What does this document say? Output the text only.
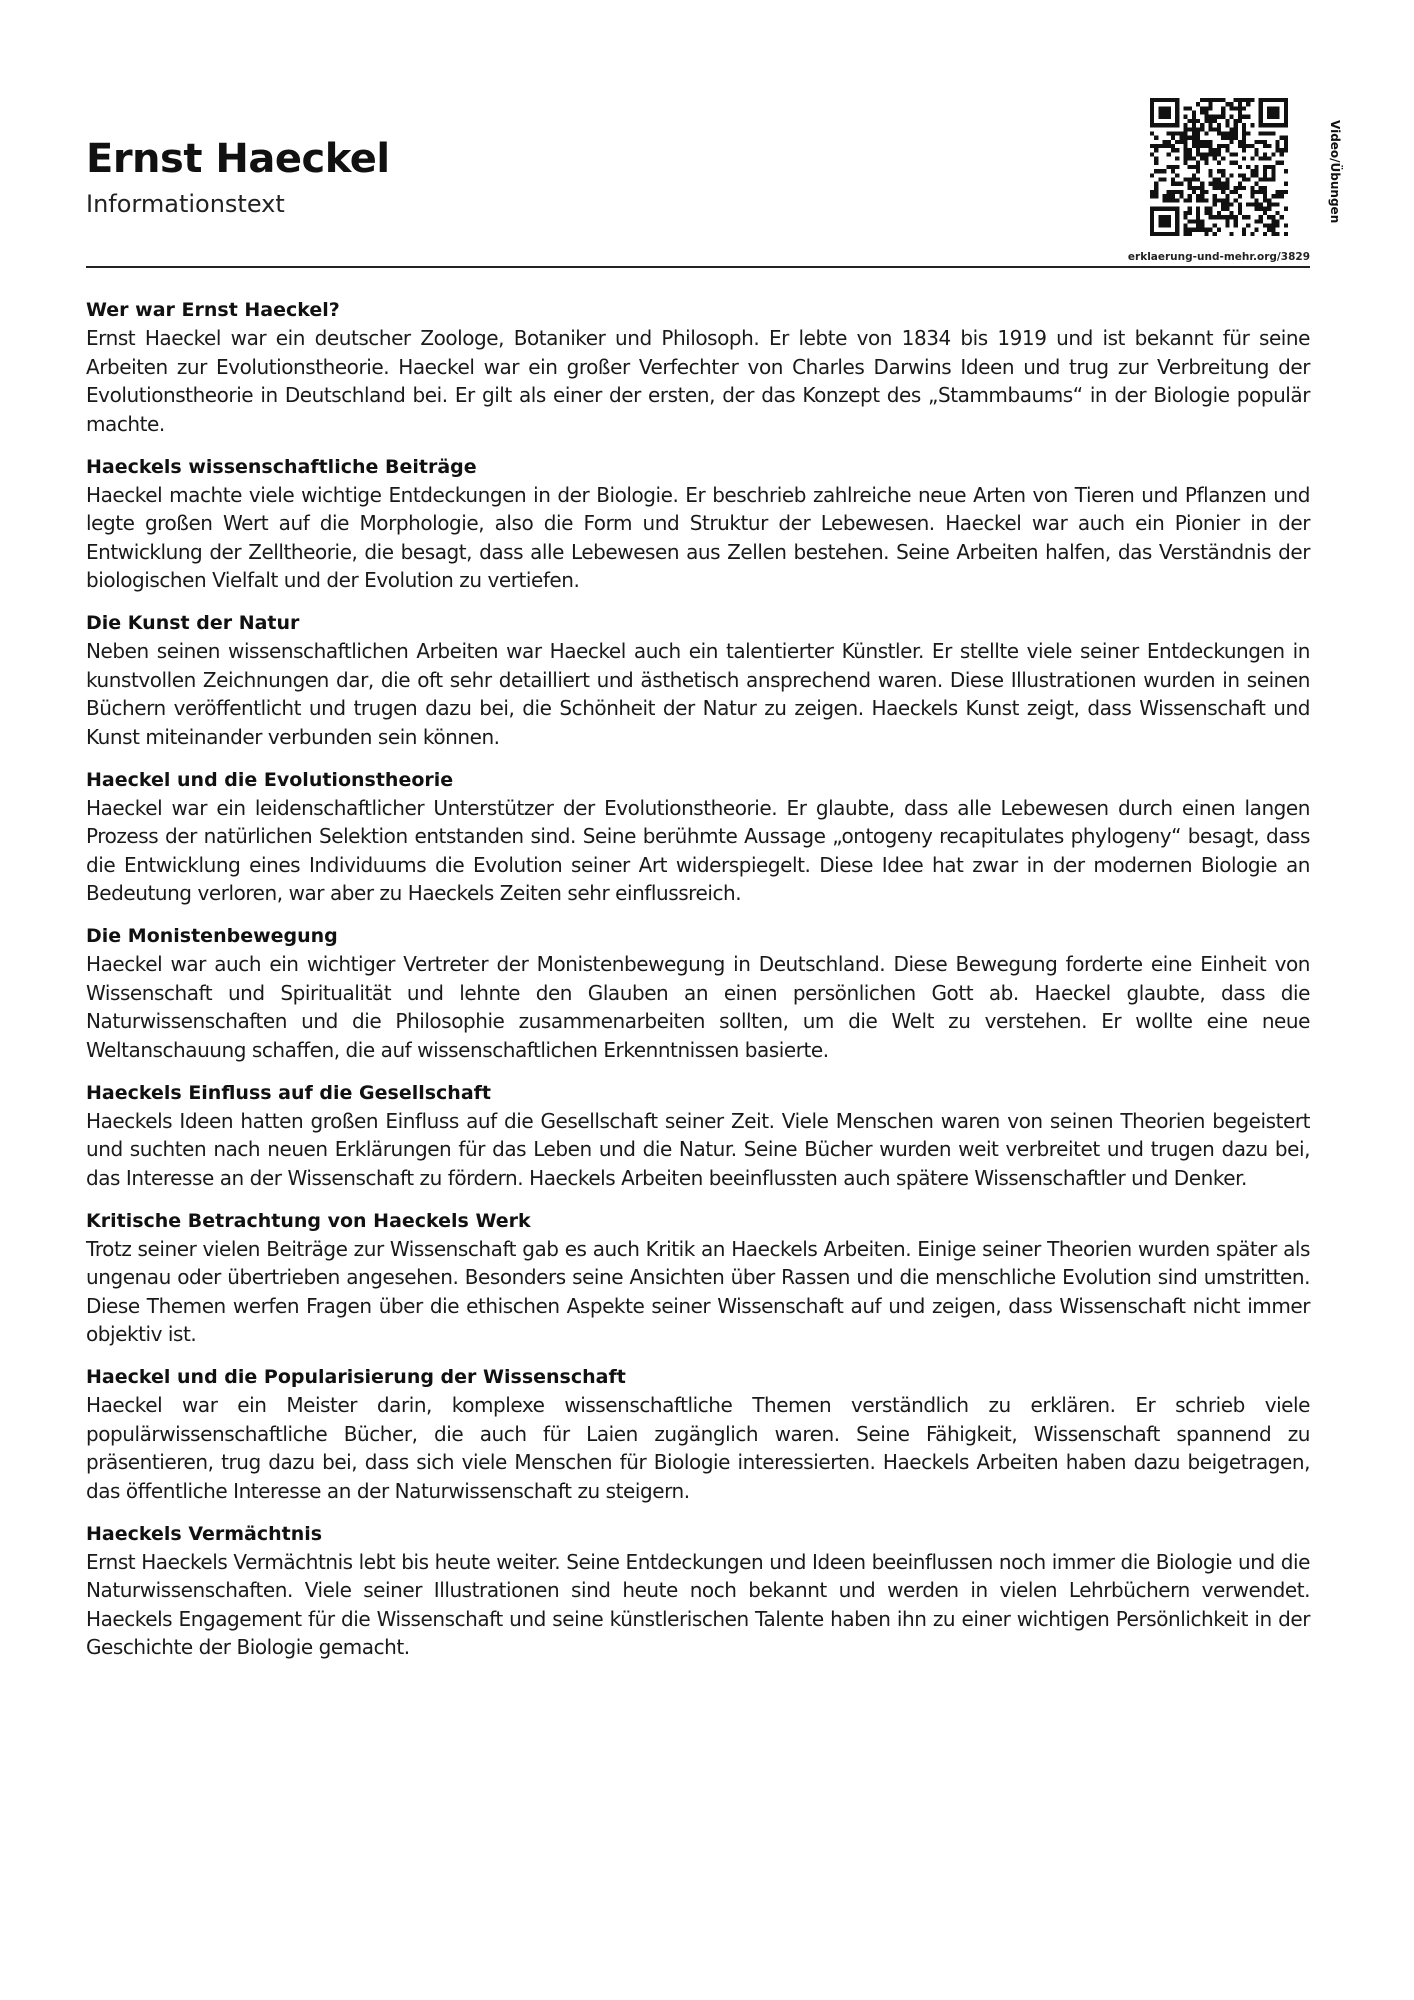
Ernst Haeckel
Informationstext	Video/Übungen
erklaerung-und-mehr.org/3829
Wer war Ernst Haeckel?

Ernst Haeckel war ein deutscher Zoologe, Botaniker und Philosoph. Er lebte von 1834 bis 1919 und ist bekannt für seine Arbeiten zur Evolutionstheorie. Haeckel war ein großer Verfechter von Charles Darwins Ideen und trug zur Verbreitung der Evolutionstheorie in Deutschland bei. Er gilt als einer der ersten, der das Konzept des „Stammbaums“ in der Biologie populär machte.

Haeckels wissenschaftliche Beiträge

Haeckel machte viele wichtige Entdeckungen in der Biologie. Er beschrieb zahlreiche neue Arten von Tieren und Pflanzen und legte großen Wert auf die Morphologie, also die Form und Struktur der Lebewesen. Haeckel war auch ein Pionier in der Entwicklung der Zelltheorie, die besagt, dass alle Lebewesen aus Zellen bestehen. Seine Arbeiten halfen, das Verständnis der biologischen Vielfalt und der Evolution zu vertiefen.

Die Kunst der Natur

Neben seinen wissenschaftlichen Arbeiten war Haeckel auch ein talentierter Künstler. Er stellte viele seiner Entdeckungen in kunstvollen Zeichnungen dar, die oft sehr detailliert und ästhetisch ansprechend waren. Diese Illustrationen wurden in seinen Büchern veröffentlicht und trugen dazu bei, die Schönheit der Natur zu zeigen. Haeckels Kunst zeigt, dass Wissenschaft und Kunst miteinander verbunden sein können.

Haeckel und die Evolutionstheorie

Haeckel war ein leidenschaftlicher Unterstützer der Evolutionstheorie. Er glaubte, dass alle Lebewesen durch einen langen Prozess der natürlichen Selektion entstanden sind. Seine berühmte Aussage „ontogeny recapitulates phylogeny“ besagt, dass die Entwicklung eines Individuums die Evolution seiner Art widerspiegelt. Diese Idee hat zwar in der modernen Biologie an Bedeutung verloren, war aber zu Haeckels Zeiten sehr einflussreich.

Die Monistenbewegung

Haeckel war auch ein wichtiger Vertreter der Monistenbewegung in Deutschland. Diese Bewegung forderte eine Einheit von Wissenschaft und Spiritualität und lehnte den Glauben an einen persönlichen Gott ab. Haeckel glaubte, dass die Naturwissenschaften und die Philosophie zusammenarbeiten sollten, um die Welt zu verstehen. Er wollte eine neue Weltanschauung schaffen, die auf wissenschaftlichen Erkenntnissen basierte.

Haeckels Einfluss auf die Gesellschaft

Haeckels Ideen hatten großen Einfluss auf die Gesellschaft seiner Zeit. Viele Menschen waren von seinen Theorien begeistert und suchten nach neuen Erklärungen für das Leben und die Natur. Seine Bücher wurden weit verbreitet und trugen dazu bei, das Interesse an der Wissenschaft zu fördern. Haeckels Arbeiten beeinflussten auch spätere Wissenschaftler und Denker.

Kritische Betrachtung von Haeckels Werk

Trotz seiner vielen Beiträge zur Wissenschaft gab es auch Kritik an Haeckels Arbeiten. Einige seiner Theorien wurden später als ungenau oder übertrieben angesehen. Besonders seine Ansichten über Rassen und die menschliche Evolution sind umstritten. Diese Themen werfen Fragen über die ethischen Aspekte seiner Wissenschaft auf und zeigen, dass Wissenschaft nicht immer objektiv ist.

Haeckel und die Popularisierung der Wissenschaft

Haeckel war ein Meister darin, komplexe wissenschaftliche Themen verständlich zu erklären. Er schrieb viele populärwissenschaftliche Bücher, die auch für Laien zugänglich waren. Seine Fähigkeit, Wissenschaft spannend zu präsentieren, trug dazu bei, dass sich viele Menschen für Biologie interessierten. Haeckels Arbeiten haben dazu beigetragen, das öffentliche Interesse an der Naturwissenschaft zu steigern.

Haeckels Vermächtnis

Ernst Haeckels Vermächtnis lebt bis heute weiter. Seine Entdeckungen und Ideen beeinflussen noch immer die Biologie und die Naturwissenschaften. Viele seiner Illustrationen sind heute noch bekannt und werden in vielen Lehrbüchern verwendet. Haeckels Engagement für die Wissenschaft und seine künstlerischen Talente haben ihn zu einer wichtigen Persönlichkeit in der Geschichte der Biologie gemacht.
